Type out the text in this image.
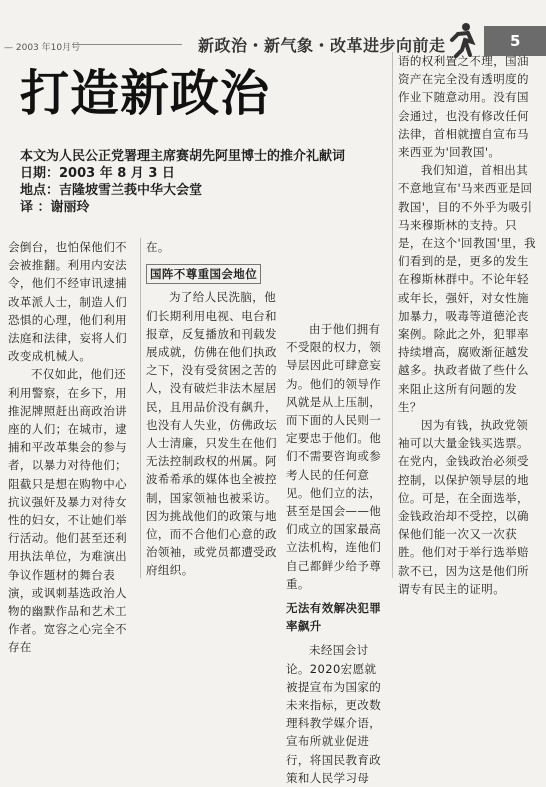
— 2003 年10月号	新政治・新气象・改革进步向前走	5
打造新政治
本文为人民公正党署理主席赛胡先阿里博士的推介礼献词
日期：2003 年 8 月 3 日
地点：吉隆坡雪兰莪中华大会堂
译 ：谢丽玲

会倒台，也怕保他们不会被推翻。利用内安法令，他们不经审讯逮捕改革派人士，制造人们恐惧的心理，他们利用法庭和法律，妄将人们改变成机械人。

不仅如此，他们还利用警察，在乡下，用推泥牌照赶出商政治讲座的人们；在城市，逮捕和平改革集会的参与者，以暴力对待他们；阻截只是想在购物中心抗议强奸及暴力对待女性的妇女，不让她们举行活动。他们甚至还利用执法单位，为难演出争议作题材的舞台表演，或讽刺基选政治人物的幽默作品和艺术工作者。宽容之心完全不存在

在。

国阵不尊重国会地位

为了给人民洗脑，他们长期利用电视、电台和报章，反复播放和刊载发展成就，仿佛在他们执政之下，没有受贫困之苦的人，没有破烂非法木屋居民，且用品价没有飙升，也没有人失业，仿佛政坛人士清廉，只发生在他们无法控制政权的州属。阿波希希承的媒体也全被控制，国家领袖也被采访。因为挑战他们的政策与地位，而不合他们心意的政治领袖，或党员都遭受政府组织。

由于他们拥有不受限的权力，领导层因此可肆意妄为。他们的领导作风就是从上压制，而下面的人民则一定要忠于他们。他们不需要咨询或参考人民的任何意见。他们立的法，甚至是国会——他们成立的国家最高立法机构，连他们自己都鲜少给予尊重。

无法有效解决犯罪率飙升

未经国会讨论。2020宏愿就被提宣布为国家的未来指标，更改数理科教学媒介语，宣布所就业促进行，将国民教育政策和人民学习母

语的权利置之不理，国油资产在完全没有透明度的作业下随意动用。没有国会通过，也没有修改任何法律，首相就擅自宣布马来西亚为'回教国'。

我们知道，首相出其不意地宣布'马来西亚是回教国'，目的不外乎为吸引马来穆斯林的支持。只是，在这个'回教国'里，我们看到的是，更多的发生在穆斯林群中。不论年轻或年长，强奸，对女性施加暴力，吸毒等道德沦丧案例。除此之外，犯罪率持续增高，腐败渐征越发越多。执政者做了些什么来阻止这所有问题的发生？

因为有钱，执政党领袖可以大量金钱买选票。在党内，金钱政治必须受控制，以保护领导层的地位。可是，在全面选举，金钱政治却不受控，以确保他们能一次又一次获胜。他们对于举行选举赔款不已，因为这是他们所谓专有民主的证明。
